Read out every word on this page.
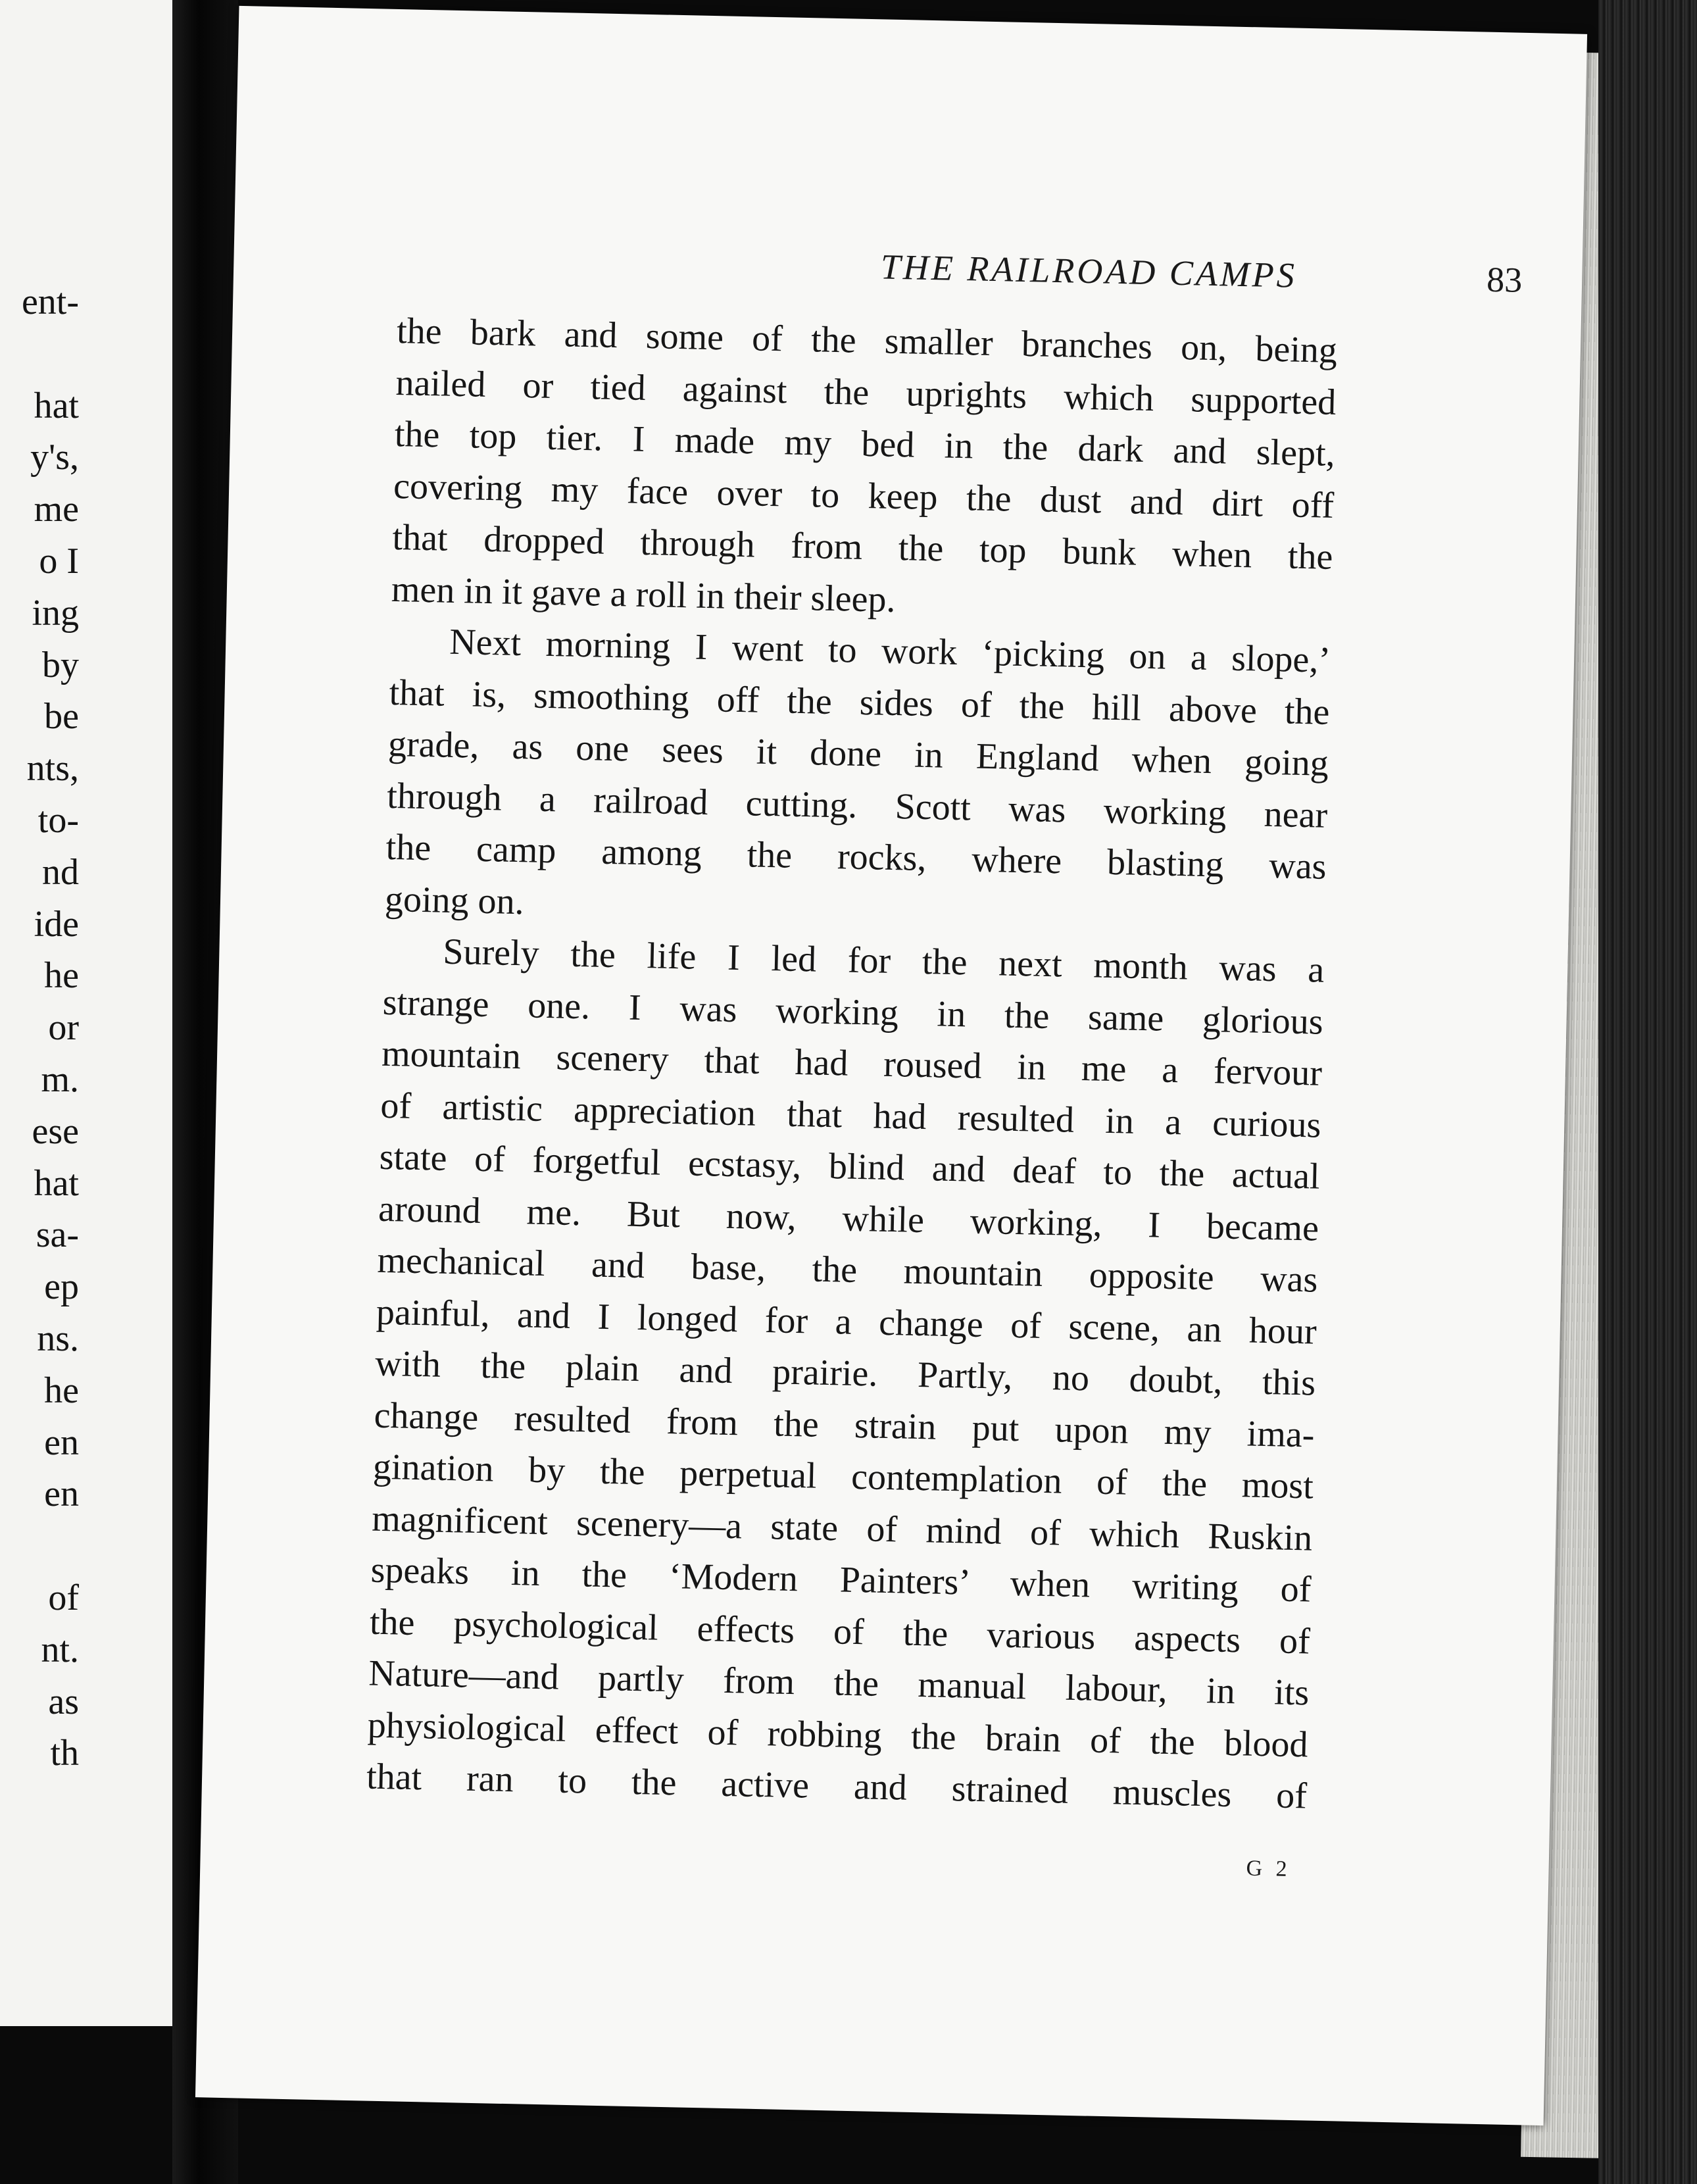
ent-
hat
y's,
me
o I
ing
by
be
nts,
to-
nd
ide
he
or
m.
ese
hat
sa-
ep
ns.
he
en
en
of
nt.
as
th
THE RAILROAD CAMPS	83
the bark and some of the smaller branches on, being
nailed or tied against the uprights which supported
the top tier. I made my bed in the dark and slept,
covering my face over to keep the dust and dirt off
that dropped through from the top bunk when the
men in it gave a roll in their sleep.
Next morning I went to work ‘picking on a slope,’
that is, smoothing off the sides of the hill above the
grade, as one sees it done in England when going
through a railroad cutting. Scott was working near
the camp among the rocks, where blasting was
going on.
Surely the life I led for the next month was a
strange one. I was working in the same glorious
mountain scenery that had roused in me a fervour
of artistic appreciation that had resulted in a curious
state of forgetful ecstasy, blind and deaf to the actual
around me. But now, while working, I became
mechanical and base, the mountain opposite was
painful, and I longed for a change of scene, an hour
with the plain and prairie. Partly, no doubt, this
change resulted from the strain put upon my ima-
gination by the perpetual contemplation of the most
magnificent scenery—a state of mind of which Ruskin
speaks in the ‘Modern Painters’ when writing of
the psychological effects of the various aspects of
Nature—and partly from the manual labour, in its
physiological effect of robbing the brain of the blood
that ran to the active and strained muscles of
G 2
